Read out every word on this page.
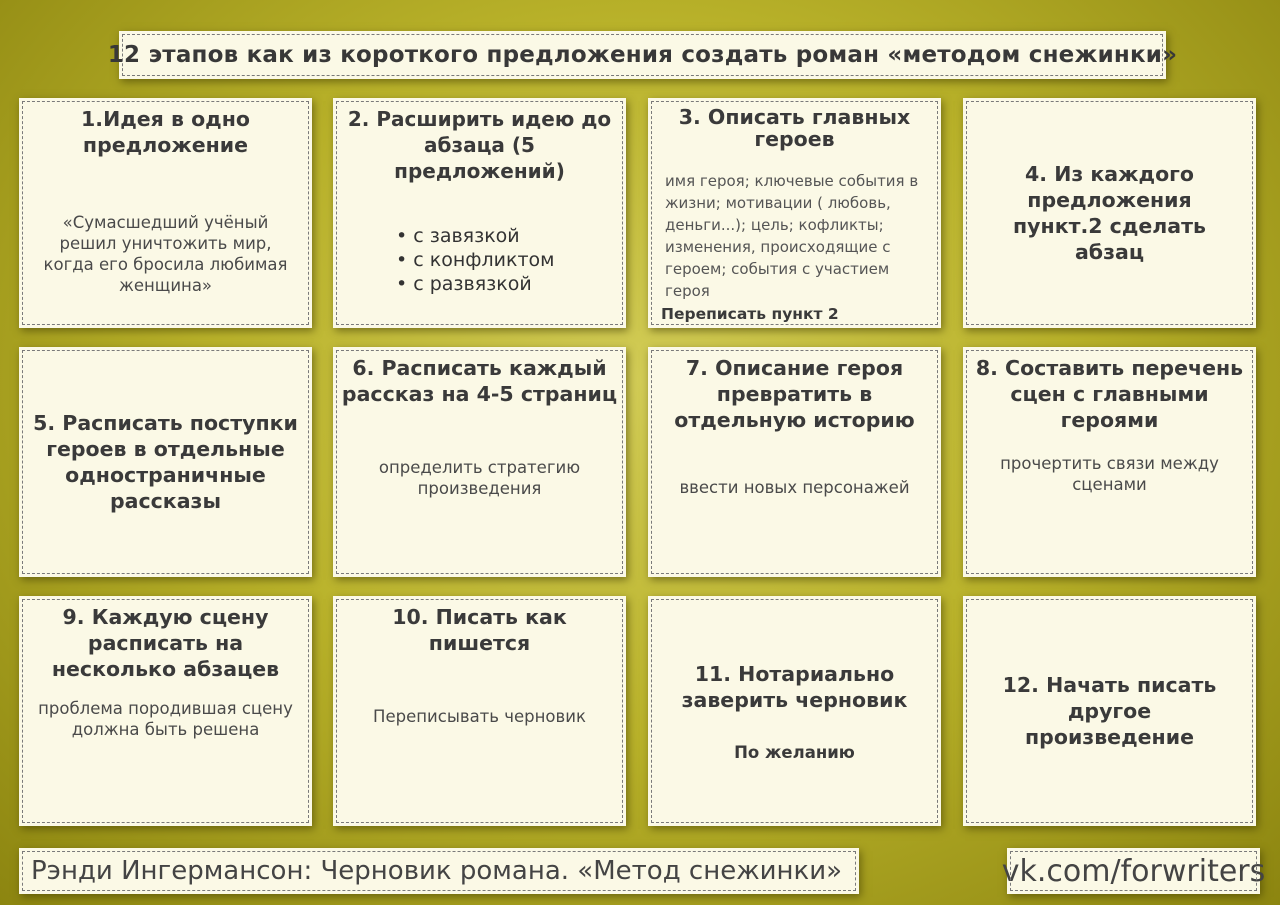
12 этапов как из короткого предложения создать роман «методом снежинки»
1.Идея в одно предложение
«Сумасшедший учёный решил уничтожить мир, когда его бросила любимая женщина»
2. Расширить идею до абзаца (5 предложений)
• с завязкой
• с конфликтом
• с развязкой
3. Описать главных героев
имя героя; ключевые события в жизни; мотивации ( любовь, деньги...); цель; кофликты; изменения, происходящие с героем; события с участием героя
Переписать пункт 2
4. Из каждого предложения пункт.2 сделать абзац
5. Расписать поступки героев в отдельные одностраничные рассказы
6. Расписать каждый рассказ на 4-5 страниц
определить стратегию произведения
7. Описание героя превратить в отдельную историю
ввести новых персонажей
8. Составить перечень сцен с главными героями
прочертить связи между сценами
9. Каждую сцену расписать на несколько абзацев
проблема породившая сцену должна быть решена
10. Писать как пишется
Переписывать черновик
11. Нотариально заверить черновик
По желанию
12. Начать писать другое произведение
Рэнди Ингермансон: Черновик романа. «Метод снежинки»	vk.com/forwriters
